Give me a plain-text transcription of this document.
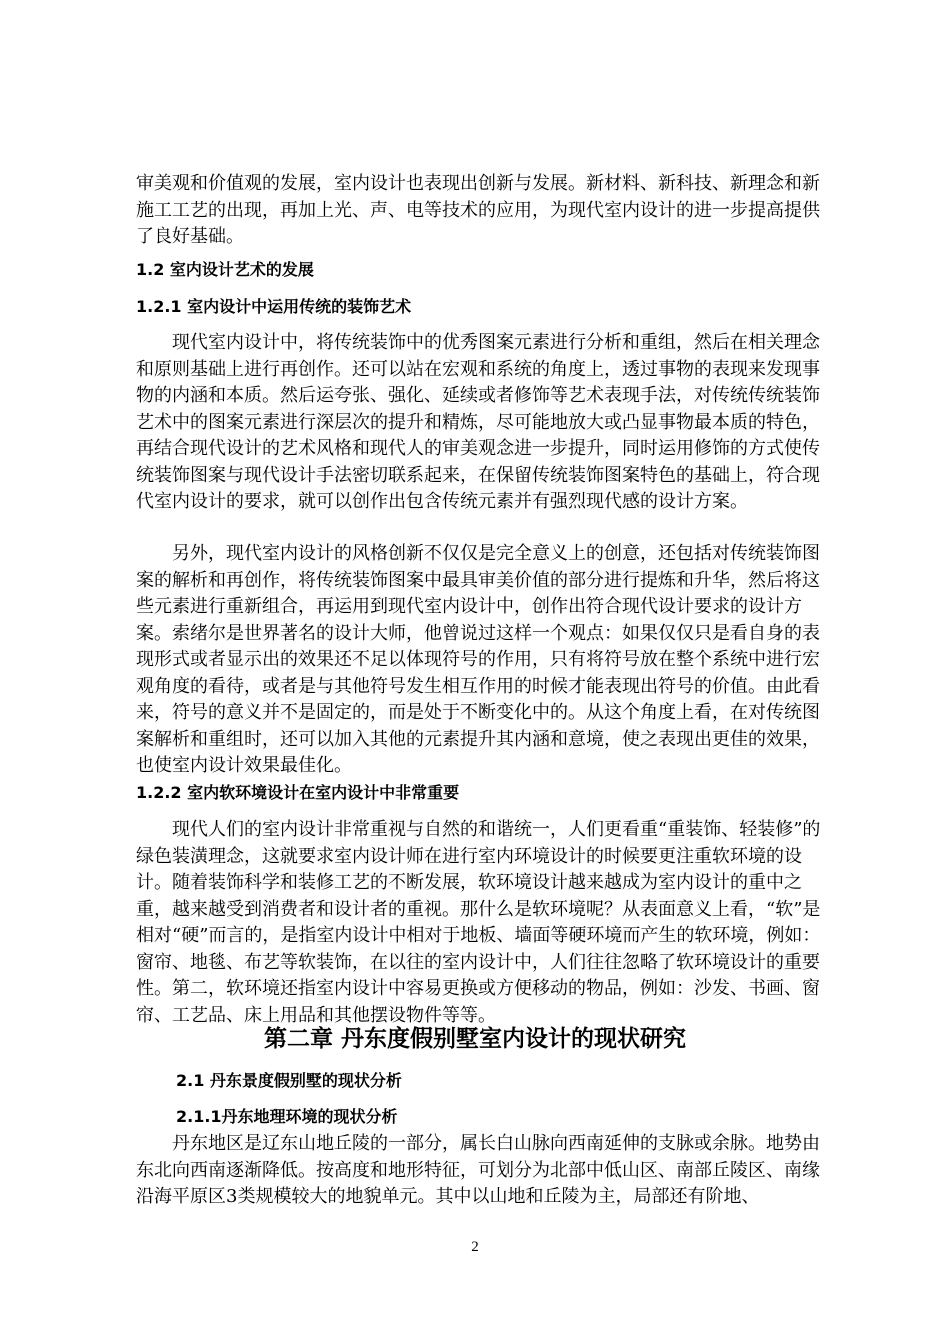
审美观和价值观的发展，室内设计也表现出创新与发展。新材料、新科技、新理念和新施工工艺的出现，再加上光、声、电等技术的应用，为现代室内设计的进一步提高提供了良好基础。

1.2 室内设计艺术的发展
1.2.1 室内设计中运用传统的装饰艺术

现代室内设计中，将传统装饰中的优秀图案元素进行分析和重组，然后在相关理念和原则基础上进行再创作。还可以站在宏观和系统的角度上，透过事物的表现来发现事物的内涵和本质。然后运夸张、强化、延续或者修饰等艺术表现手法，对传统传统装饰艺术中的图案元素进行深层次的提升和精炼，尽可能地放大或凸显事物最本质的特色，再结合现代设计的艺术风格和现代人的审美观念进一步提升，同时运用修饰的方式使传统装饰图案与现代设计手法密切联系起来，在保留传统装饰图案特色的基础上，符合现代室内设计的要求，就可以创作出包含传统元素并有强烈现代感的设计方案。

另外，现代室内设计的风格创新不仅仅是完全意义上的创意，还包括对传统装饰图案的解析和再创作，将传统装饰图案中最具审美价值的部分进行提炼和升华，然后将这些元素进行重新组合，再运用到现代室内设计中，创作出符合现代设计要求的设计方案。索绪尔是世界著名的设计大师，他曾说过这样一个观点：如果仅仅只是看自身的表现形式或者显示出的效果还不足以体现符号的作用，只有将符号放在整个系统中进行宏观角度的看待，或者是与其他符号发生相互作用的时候才能表现出符号的价值。由此看来，符号的意义并不是固定的，而是处于不断变化中的。从这个角度上看，在对传统图案解析和重组时，还可以加入其他的元素提升其内涵和意境，使之表现出更佳的效果，也使室内设计效果最佳化。

1.2.2 室内软环境设计在室内设计中非常重要

现代人们的室内设计非常重视与自然的和谐统一，人们更看重“重装饰、轻装修”的绿色装潢理念，这就要求室内设计师在进行室内环境设计的时候要更注重软环境的设计。随着装饰科学和装修工艺的不断发展，软环境设计越来越成为室内设计的重中之重，越来越受到消费者和设计者的重视。那什么是软环境呢？从表面意义上看，“软”是相对“硬”而言的，是指室内设计中相对于地板、墙面等硬环境而产生的软环境，例如：窗帘、地毯、布艺等软装饰，在以往的室内设计中，人们往往忽略了软环境设计的重要性。第二，软环境还指室内设计中容易更换或方便移动的物品，例如：沙发、书画、窗帘、工艺品、床上用品和其他摆设物件等等。

第二章 丹东度假别墅室内设计的现状研究
2.1 丹东景度假别墅的现状分析
2.1.1丹东地理环境的现状分析

丹东地区是辽东山地丘陵的一部分，属长白山脉向西南延伸的支脉或余脉。地势由东北向西南逐渐降低。按高度和地形特征，可划分为北部中低山区、南部丘陵区、南缘沿海平原区3类规模较大的地貌单元。其中以山地和丘陵为主，局部还有阶地、

2
